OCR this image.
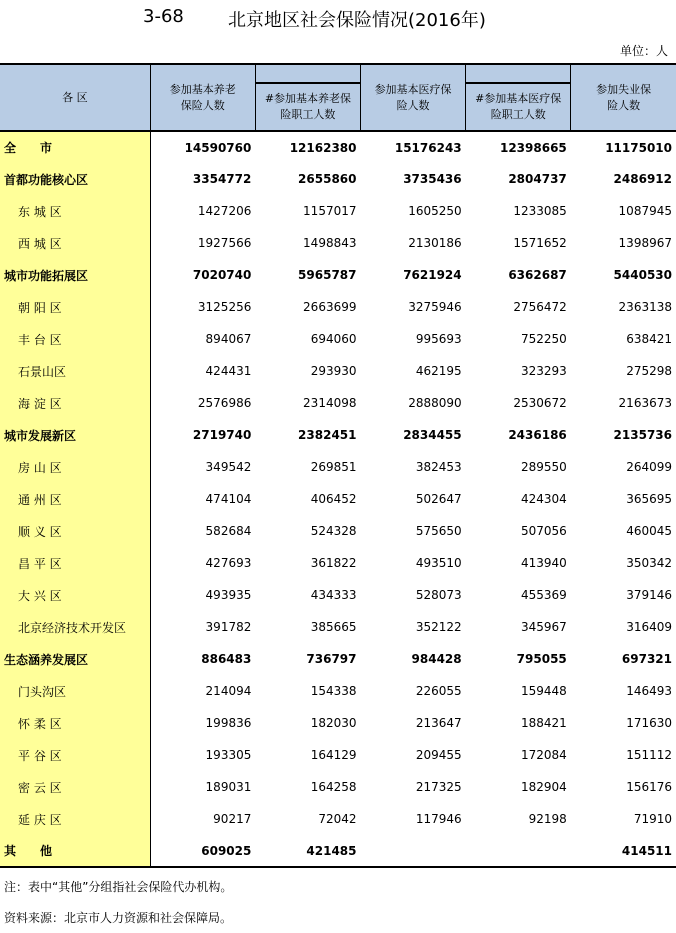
3-68 北京地区社会保险情况(2016年)
单位：人
各 区	参加基本养老保险人数		参加基本医疗保险人数		参加失业保险人数

		#参加基本养老保险职工人数		#参加基本医疗保险职工人数	

全　　市	14590760	12162380	15176243	12398665	11175010
首都功能核心区	3354772	2655860	3735436	2804737	2486912
东 城 区	1427206	1157017	1605250	1233085	1087945
西 城 区	1927566	1498843	2130186	1571652	1398967
城市功能拓展区	7020740	5965787	7621924	6362687	5440530
朝 阳 区	3125256	2663699	3275946	2756472	2363138
丰 台 区	894067	694060	995693	752250	638421
石景山区	424431	293930	462195	323293	275298
海 淀 区	2576986	2314098	2888090	2530672	2163673
城市发展新区	2719740	2382451	2834455	2436186	2135736
房 山 区	349542	269851	382453	289550	264099
通 州 区	474104	406452	502647	424304	365695
顺 义 区	582684	524328	575650	507056	460045
昌 平 区	427693	361822	493510	413940	350342
大 兴 区	493935	434333	528073	455369	379146
北京经济技术开发区	391782	385665	352122	345967	316409
生态涵养发展区	886483	736797	984428	795055	697321
门头沟区	214094	154338	226055	159448	146493
怀 柔 区	199836	182030	213647	188421	171630
平 谷 区	193305	164129	209455	172084	151112
密 云 区	189031	164258	217325	182904	156176
延 庆 区	90217	72042	117946	92198	71910
其　　他	609025	421485			414511
注：表中“其他”分组指社会保险代办机构。
资料来源：北京市人力资源和社会保障局。
